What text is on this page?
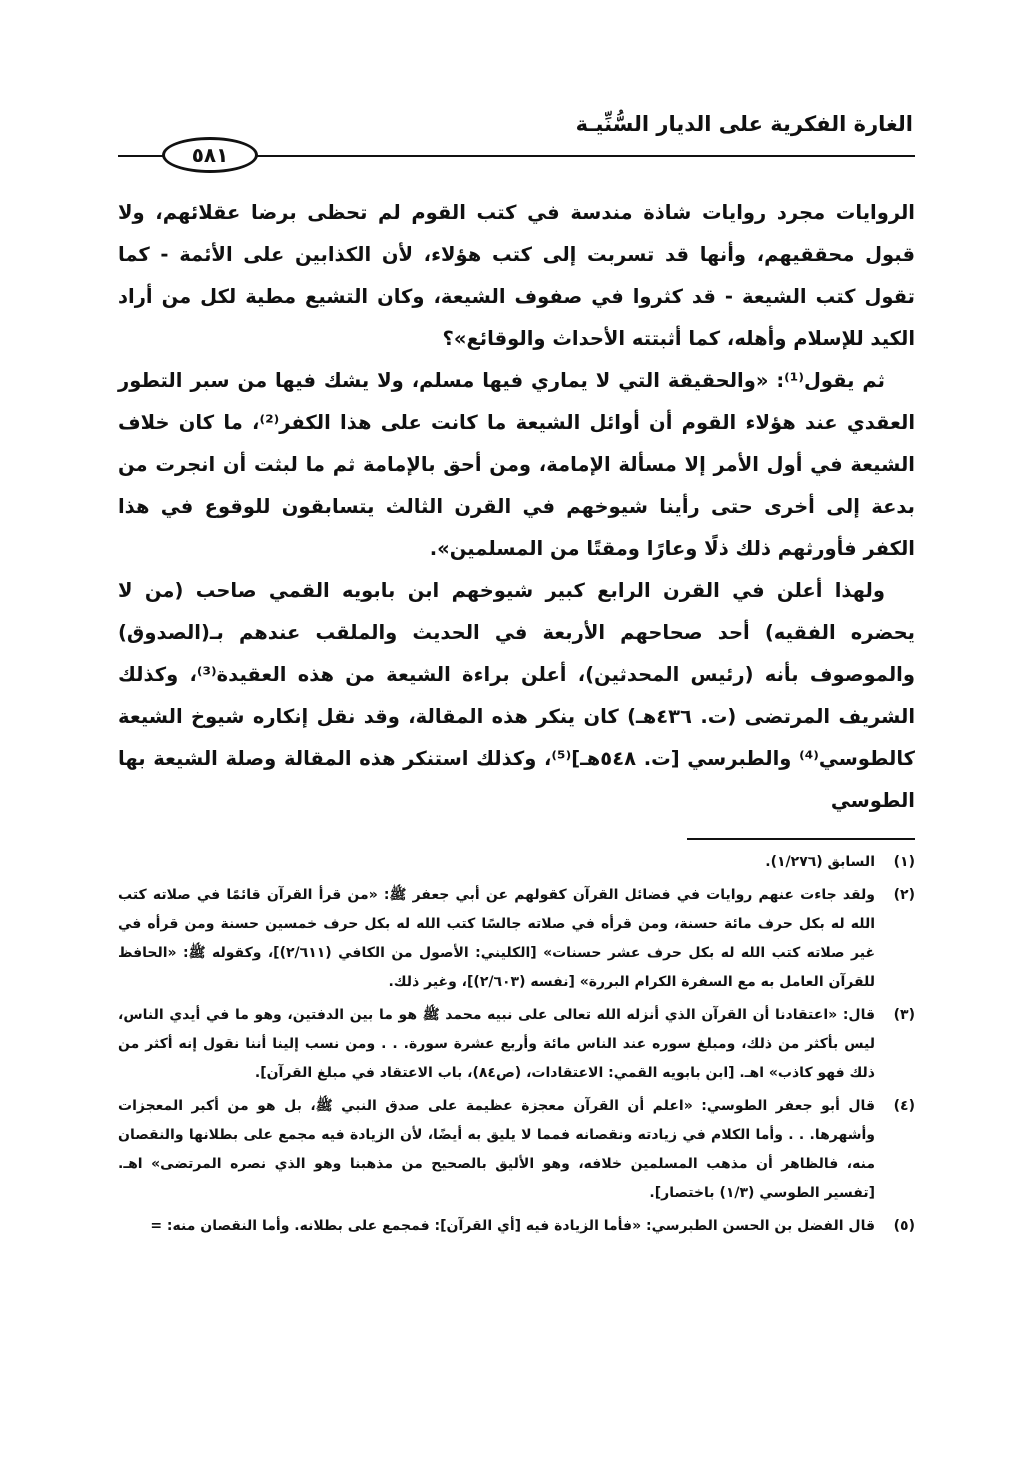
الغارة الفكرية على الديار السُّنِّيـة
٥٨١

الروايات مجرد روايات شاذة مندسة في كتب القوم لم تحظى برضا عقلائهم، ولا قبول محققيهم، وأنها قد تسربت إلى كتب هؤلاء، لأن الكذابين على الأئمة - كما تقول كتب الشيعة - قد كثروا في صفوف الشيعة، وكان التشيع مطية لكل من أراد الكيد للإسلام وأهله، كما أثبتته الأحداث والوقائع»؟

ثم يقول⁽¹⁾: «والحقيقة التي لا يماري فيها مسلم، ولا يشك فيها من سبر التطور العقدي عند هؤلاء القوم أن أوائل الشيعة ما كانت على هذا الكفر⁽²⁾، ما كان خلاف الشيعة في أول الأمر إلا مسألة الإمامة، ومن أحق بالإمامة ثم ما لبثت أن انجرت من بدعة إلى أخرى حتى رأينا شيوخهم في القرن الثالث يتسابقون للوقوع في هذا الكفر فأورثهم ذلك ذلًا وعارًا ومقتًا من المسلمين».

ولهذا أعلن في القرن الرابع كبير شيوخهم ابن بابويه القمي صاحب (من لا يحضره الفقيه) أحد صحاحهم الأربعة في الحديث والملقب عندهم بـ(الصدوق) والموصوف بأنه (رئيس المحدثين)، أعلن براءة الشيعة من هذه العقيدة⁽³⁾، وكذلك الشريف المرتضى (ت. ٤٣٦هـ) كان ينكر هذه المقالة، وقد نقل إنكاره شيوخ الشيعة كالطوسي⁽⁴⁾ والطبرسي [ت. ٥٤٨هـ]⁽⁵⁾، وكذلك استنكر هذه المقالة وصلة الشيعة بها الطوسي

(١)
السابق (١/٢٧٦).
(٢)
ولقد جاءت عنهم روايات في فضائل القرآن كقولهم عن أبي جعفر ﷺ: «من قرأ القرآن قائمًا في صلاته كتب الله له بكل حرف مائة حسنة، ومن قرأه في صلاته جالسًا كتب الله له بكل حرف خمسين حسنة ومن قرأه في غير صلاته كتب الله له بكل حرف عشر حسنات» [الكليني: الأصول من الكافي (٢/٦١١)]، وكقوله ﷺ: «الحافظ للقرآن العامل به مع السفرة الكرام البررة» [نفسه (٢/٦٠٣)]، وغير ذلك.
(٣)
قال: «اعتقادنا أن القرآن الذي أنزله الله تعالى على نبيه محمد ﷺ هو ما بين الدفتين، وهو ما في أيدي الناس، ليس بأكثر من ذلك، ومبلغ سوره عند الناس مائة وأربع عشرة سورة. . . ومن نسب إلينا أننا نقول إنه أكثر من ذلك فهو كاذب» اهـ. [ابن بابويه القمي: الاعتقادات، (ص٨٤)، باب الاعتقاد في مبلغ القرآن].
(٤)
قال أبو جعفر الطوسي: «اعلم أن القرآن معجزة عظيمة على صدق النبي ﷺ، بل هو من أكبر المعجزات وأشهرها. . . وأما الكلام في زيادته ونقصانه فمما لا يليق به أيضًا، لأن الزيادة فيه مجمع على بطلانها والنقصان منه، فالظاهر أن مذهب المسلمين خلافه، وهو الأليق بالصحيح من مذهبنا وهو الذي نصره المرتضى» اهـ. [تفسير الطوسي (١/٣) باختصار].
(٥)
قال الفضل بن الحسن الطبرسي: «فأما الزيادة فيه [أي القرآن]: فمجمع على بطلانه. وأما النقصان منه: =
